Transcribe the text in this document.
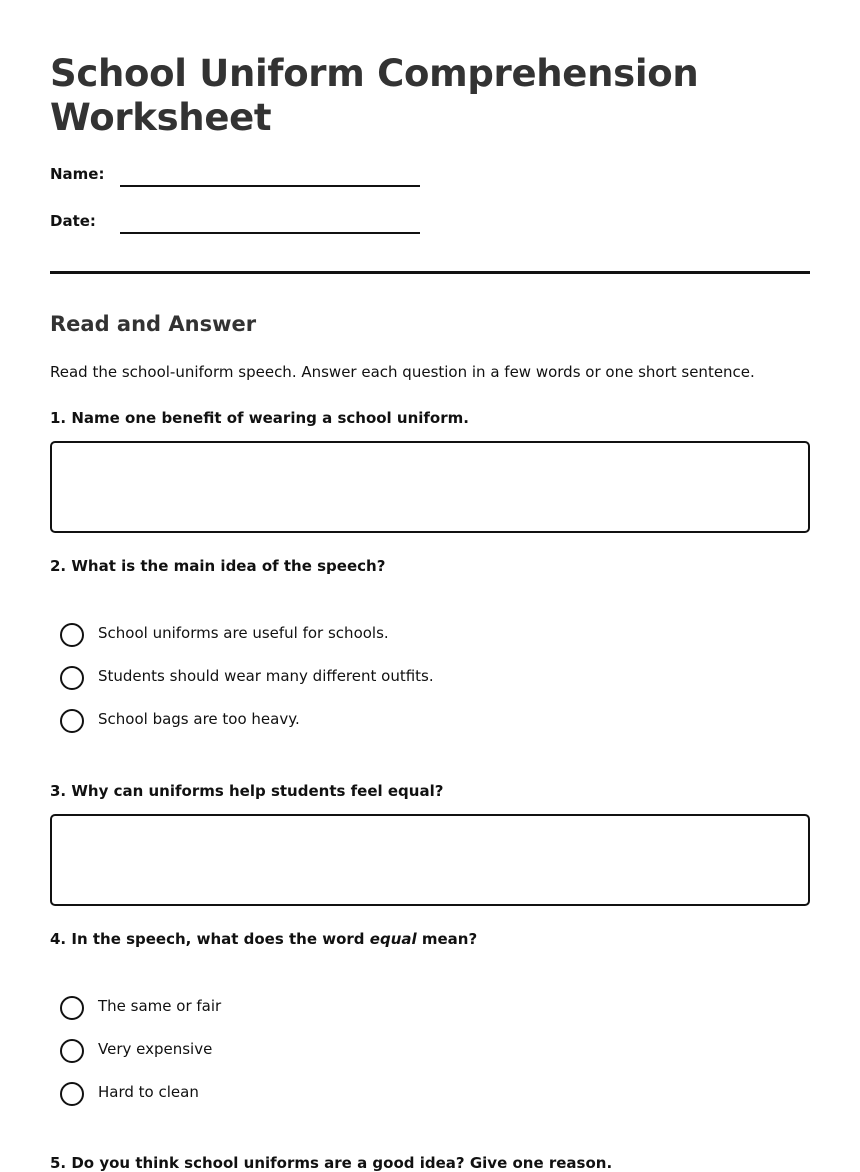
School Uniform Comprehension Worksheet
Name:
Date:
Read and Answer
Read the school-uniform speech. Answer each question in a few words or one short sentence.
1. Name one benefit of wearing a school uniform.
2. What is the main idea of the speech?
School uniforms are useful for schools.
Students should wear many different outfits.
School bags are too heavy.
3. Why can uniforms help students feel equal?
4. In the speech, what does the word equal mean?
The same or fair
Very expensive
Hard to clean
5. Do you think school uniforms are a good idea? Give one reason.
